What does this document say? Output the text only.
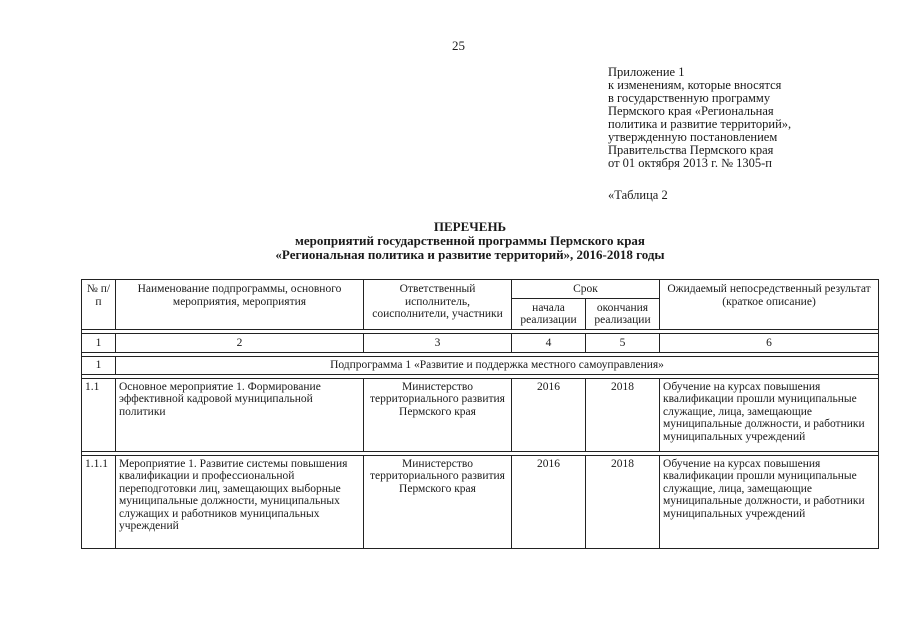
25
Приложение 1
к изменениям, которые вносятся
в государственную программу
Пермского края «Региональная
политика и развитие территорий»,
утвержденную постановлением
Правительства Пермского края
от 01 октября 2013 г. № 1305-п
«Таблица 2
ПЕРЕЧЕНЬ
мероприятий государственной программы Пермского края
«Региональная политика и развитие территорий», 2016-2018 годы
№ п/п	Наименование подпрограммы, основного мероприятия, мероприятия	Ответственный исполнитель, соисполнители, участники	Срок		Ожидаемый непосредственный результат (краткое описание)
			начала реализации	окончания реализации	

1	2	3	4	5	6

1	Подпрограмма 1 «Развитие и поддержка местного самоуправления»				

1.1	Основное мероприятие 1. Формирование эффективной кадровой муниципальной политики	Министерство территориального развития Пермского края	2016	2018	Обучение на курсах повышения квалификации прошли муниципальные служащие, лица, замещающие муниципальные должности, и работники муниципальных учреждений

1.1.1	Мероприятие 1. Развитие системы повышения квалификации и профессиональной переподготовки лиц, замещающих выборные муниципальные должности, муниципальных служащих и работников муниципальных учреждений	Министерство территориального развития Пермского края	2016	2018	Обучение на курсах повышения квалификации прошли муниципальные служащие, лица, замещающие муниципальные должности, и работники муниципальных учреждений
